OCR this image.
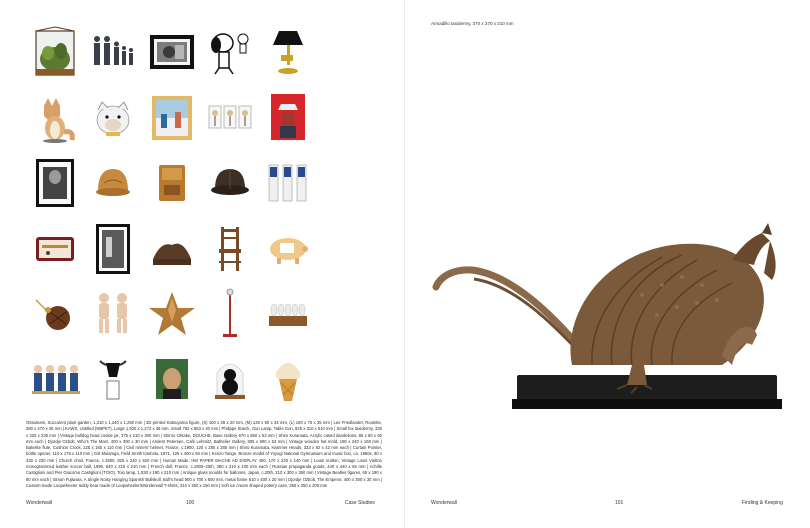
Ossamars, Succulent plant garden, 1,310 x 1,240 x 1,250 mm | 3D printed Katsuyama figure, (S) 100 x 36 x 20 mm, (M) 130 x 50 x 33 mm, (L) 180 x 75 x 35 mm | Lee Friedlander, Roulette, 380 x 470 x 25 mm | KAWS, Untitled (NBPET), Large 1,920 x 1,272 x 45 mm, Small 762 x 653 x 40 mm | Philippe Starck, Gun Lamp, Table Gun, 825 x 310 x 510 mm | Small fox taxidermy, 330 x 320 x 230 mm | Vintage bulldog head cookie jar, 375 x 210 x 300 mm | Shinro Ohtake, DOUCHE, Base Gallery 670 x 550 x 53 mm | Shiro Kuramata, Acrylic cased dandelions, 85 x 60 x 60 mm each | Djordje Ozbolt, Who's The Man!, 400 x 300 x 30 mm | Anders Petersen, Café Lehmitz, Bathelier Gallery, 805 x 600 x 53 mm | Vintage wooden hat mold, 190 x 240 x 160 mm | Bakelite flute, Cushion Crock, 225 x 160 x 110 mm | Civil miners' helmet, France, c.1900, 120 x 280 x 285 mm | Shiro Kuramata, Hammer Heads, 333 x 92 x 42 mm each | Curtain Pointer, bottle opener, 110 x 175 x 110 mm | Girl Mulamga, Field Smith tombola, 1971, 125 x 400 x 50 mm | Kenzo Tange, Bronze model of Yoyogi National Gymnasium and music box, ca. 1960s, 90 x 330 x 230 mm | Church chair, France, c.1900, 825 x 240 x 520 mm | Human Made, HM PAPER MACHE AD DISPLAY 400, 170 x 230 x 140 mm | Louis Vuitton, Vintage Louis Vuitton monogrammed leather soccer ball, 1990, 640 x 210 x 210 mm | French doll, France, c.1900–20th, 380 x 210 x 100 mm each | Russian propaganda goods, 440 x 440 x 55 mm | Achille Castiglioni and Pier Giacomo Castiglioni (TOIO), Toio lamp, 1,530 x 190 x 210 mm | Antique glass moulds for balloons, Japan, c.20th, 210 x 300 x 360 mm | Vintage Beatles figures, 65 x 190 x 60 mm each | Simon Fujiwara, A Single Noisy Hanging Spanish Bullskull, Bull's head 900 x 700 x 800 mm, metal frame 610 x 400 x 20 mm | Djordje Ozbolt, The Emperor, 400 x 300 x 30 mm | Custom-made Loopwheeler teddy bear made of Loopwheeler/Wonderwall T-shirts, 310 x 260 x 150 mm | Soft ice cream shaped pottery case, 350 x 350 x 200 mm
Wonderwall	100	Case Studies
Armadillo taxidermy, 370 x 370 x 210 mm
Wonderwall	101	Finding & Keeping
